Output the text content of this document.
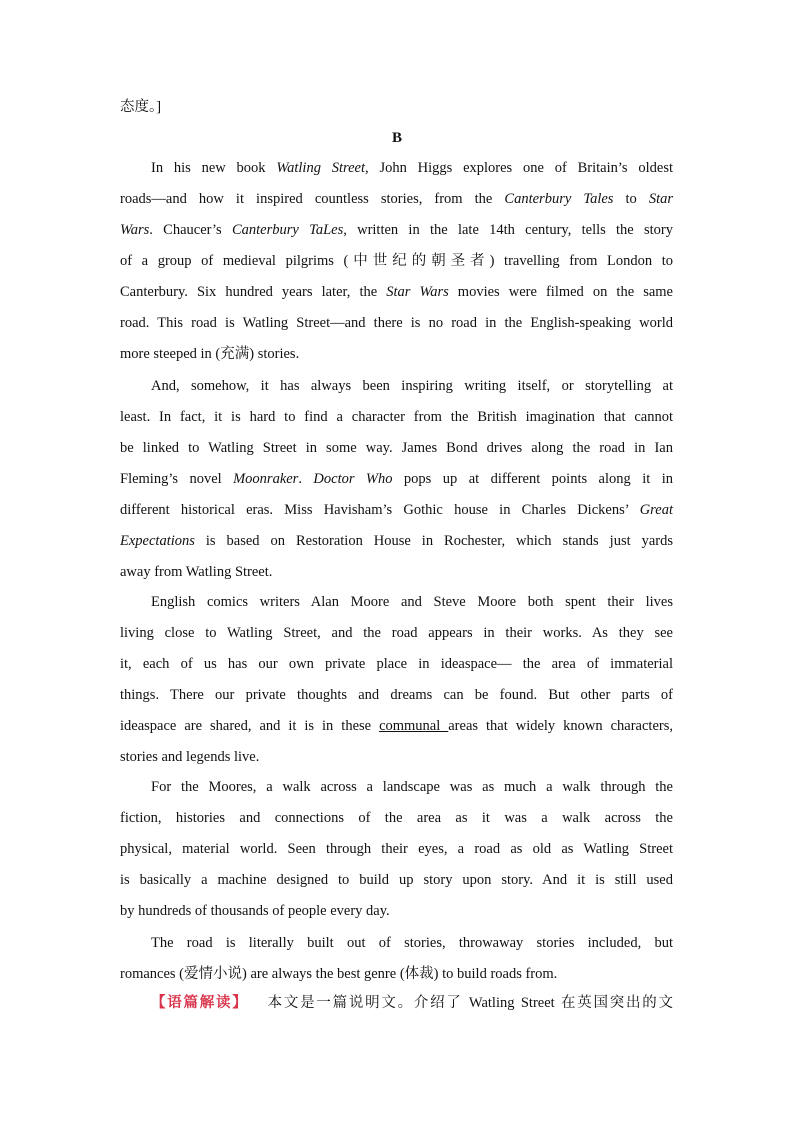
态度。]
B
In his new book Watling Street, John Higgs explores one of Britain’s oldest
roads—and how it inspired countless stories, from the Canterbury Tales to Star
Wars. Chaucer’s Canterbury TaLes, written in the late 14th century, tells the story
of a group of medieval pilgrims (中世纪的朝圣者) travelling from London to
Canterbury. Six hundred years later, the Star Wars movies were filmed on the same
road. This road is Watling Street—and there is no road in the English-speaking world
more steeped in (充满) stories.
And, somehow, it has always been inspiring writing itself, or storytelling at
least. In fact, it is hard to find a character from the British imagination that cannot
be linked to Watling Street in some way. James Bond drives along the road in Ian
Fleming’s novel Moonraker. Doctor Who pops up at different points along it in
different historical eras. Miss Havisham’s Gothic house in Charles Dickens’ Great
Expectations is based on Restoration House in Rochester, which stands just yards
away from Watling Street.
English comics writers Alan Moore and Steve Moore both spent their lives
living close to Watling Street, and the road appears in their works. As they see
it, each of us has our own private place in ideaspace— the area of immaterial
things. There our private thoughts and dreams can be found. But other parts of
ideaspace are shared, and it is in these communal areas that widely known characters,
stories and legends live.
For the Moores, a walk across a landscape was as much a walk through the
fiction, histories and connections of the area as it was a walk across the
physical, material world. Seen through their eyes, a road as old as Watling Street
is basically a machine designed to build up story upon story. And it is still used
by hundreds of thousands of people every day.
The road is literally built out of stories, throwaway stories included, but
romances (爱情小说) are always the best genre (体裁) to build roads from.
【语篇解读】 本文是一篇说明文。介绍了 Watling Street 在英国突出的文
